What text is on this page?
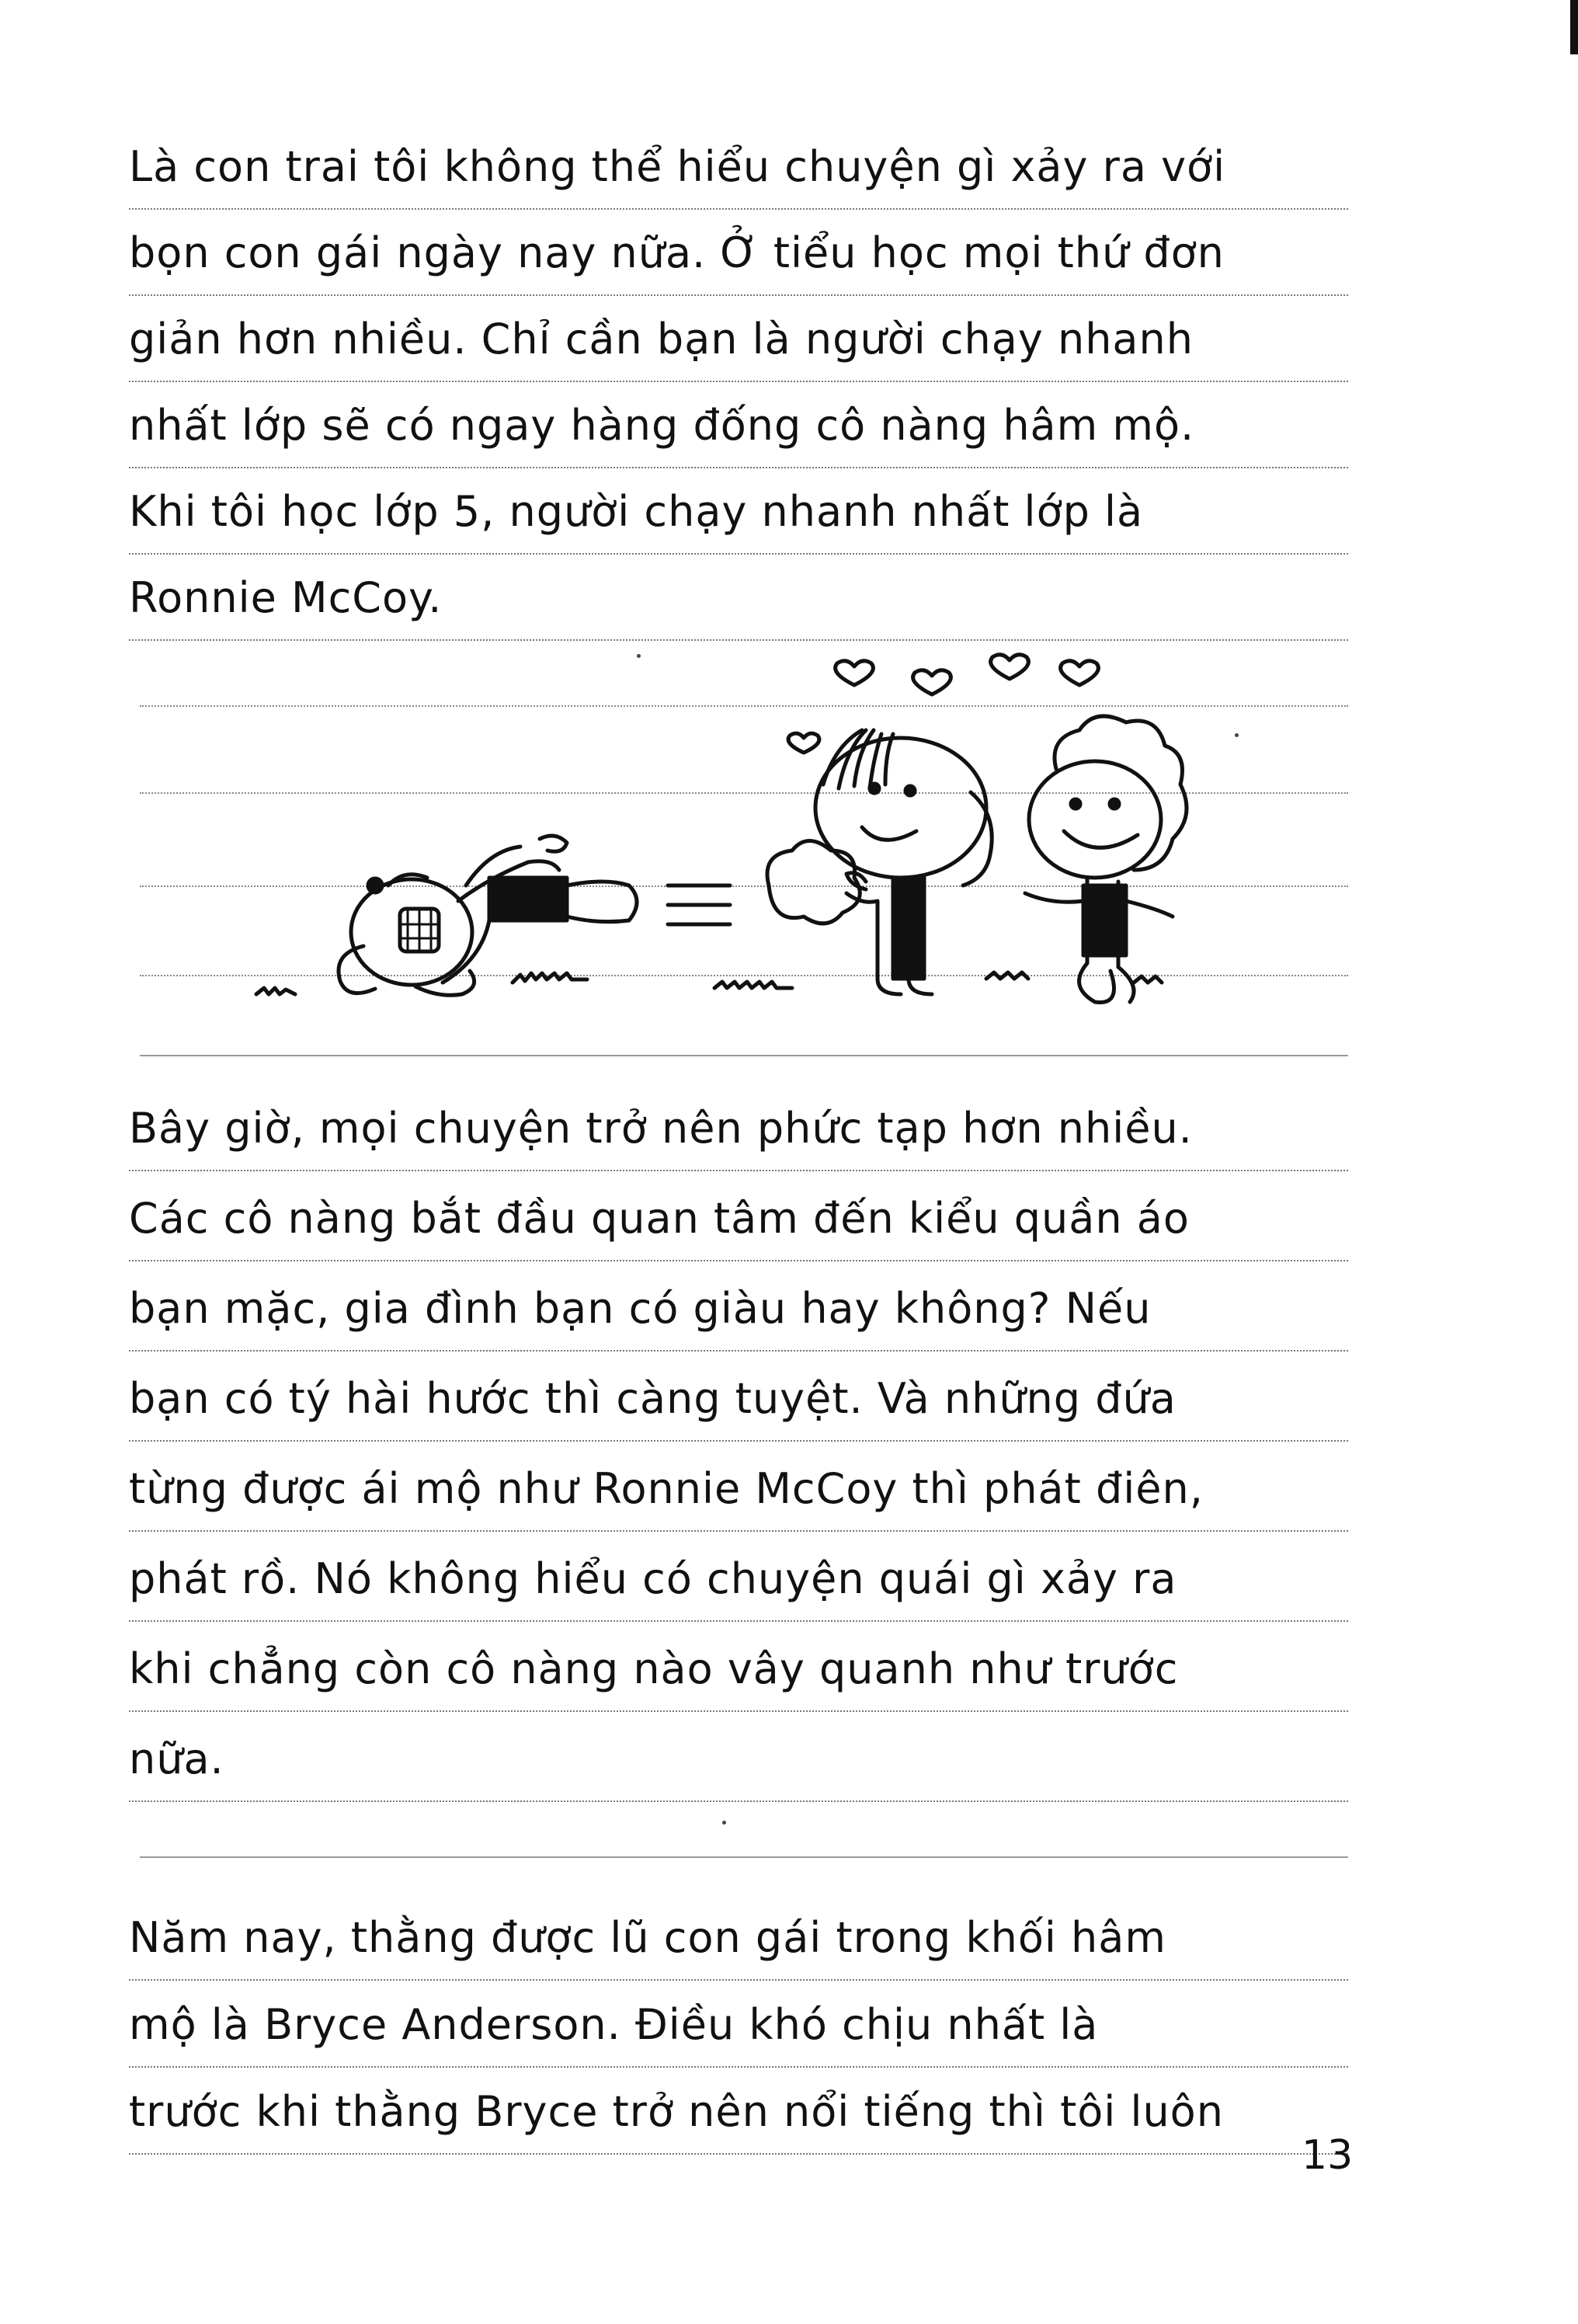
Là con trai tôi không thể hiểu chuyện gì xảy ra với
bọn con gái ngày nay nữa. Ở tiểu học mọi thứ đơn
giản hơn nhiều. Chỉ cần bạn là người chạy nhanh
nhất lớp sẽ có ngay hàng đống cô nàng hâm mộ.
Khi tôi học lớp 5, người chạy nhanh nhất lớp là
Ronnie McCoy.
Bây giờ, mọi chuyện trở nên phức tạp hơn nhiều.
Các cô nàng bắt đầu quan tâm đến kiểu quần áo
bạn mặc, gia đình bạn có giàu hay không? Nếu
bạn có tý hài hước thì càng tuyệt. Và những đứa
từng được ái mộ như Ronnie McCoy thì phát điên,
phát rồ. Nó không hiểu có chuyện quái gì xảy ra
khi chẳng còn cô nàng nào vây quanh như trước
nữa.
Năm nay, thằng được lũ con gái trong khối hâm
mộ là Bryce Anderson. Điều khó chịu nhất là
trước khi thằng Bryce trở nên nổi tiếng thì tôi luôn
13
